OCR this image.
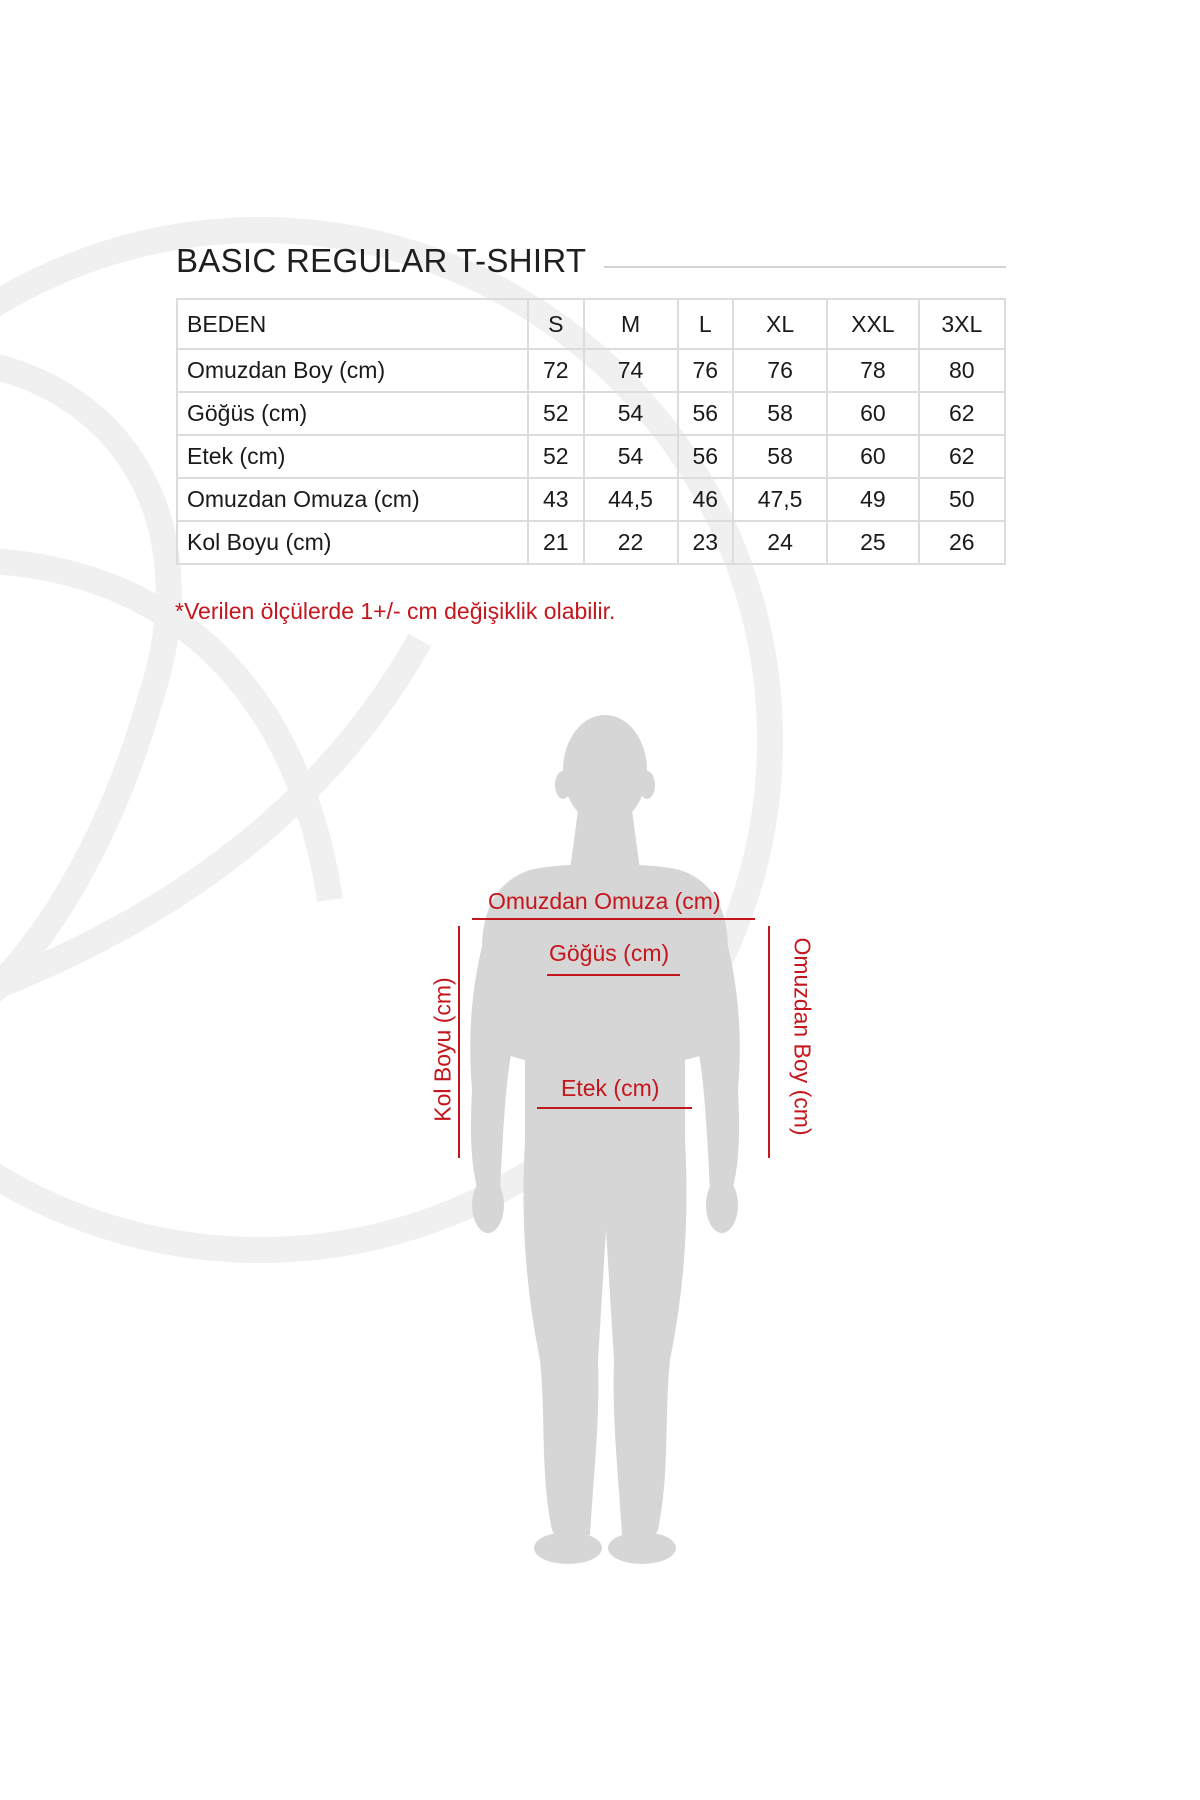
BASIC REGULAR T-SHIRT
BEDEN	S	M	L	XL	XXL	3XL
Omuzdan Boy (cm)	72	74	76	76	78	80
Göğüs (cm)	52	54	56	58	60	62
Etek (cm)	52	54	56	58	60	62
Omuzdan Omuza (cm)	43	44,5	46	47,5	49	50
Kol Boyu (cm)	21	22	23	24	25	26
*Verilen ölçülerde 1+/- cm değişiklik olabilir.
Omuzdan Omuza (cm)
Göğüs (cm)
Etek (cm)
Kol Boyu (cm)	Omuzdan Boy (cm)
